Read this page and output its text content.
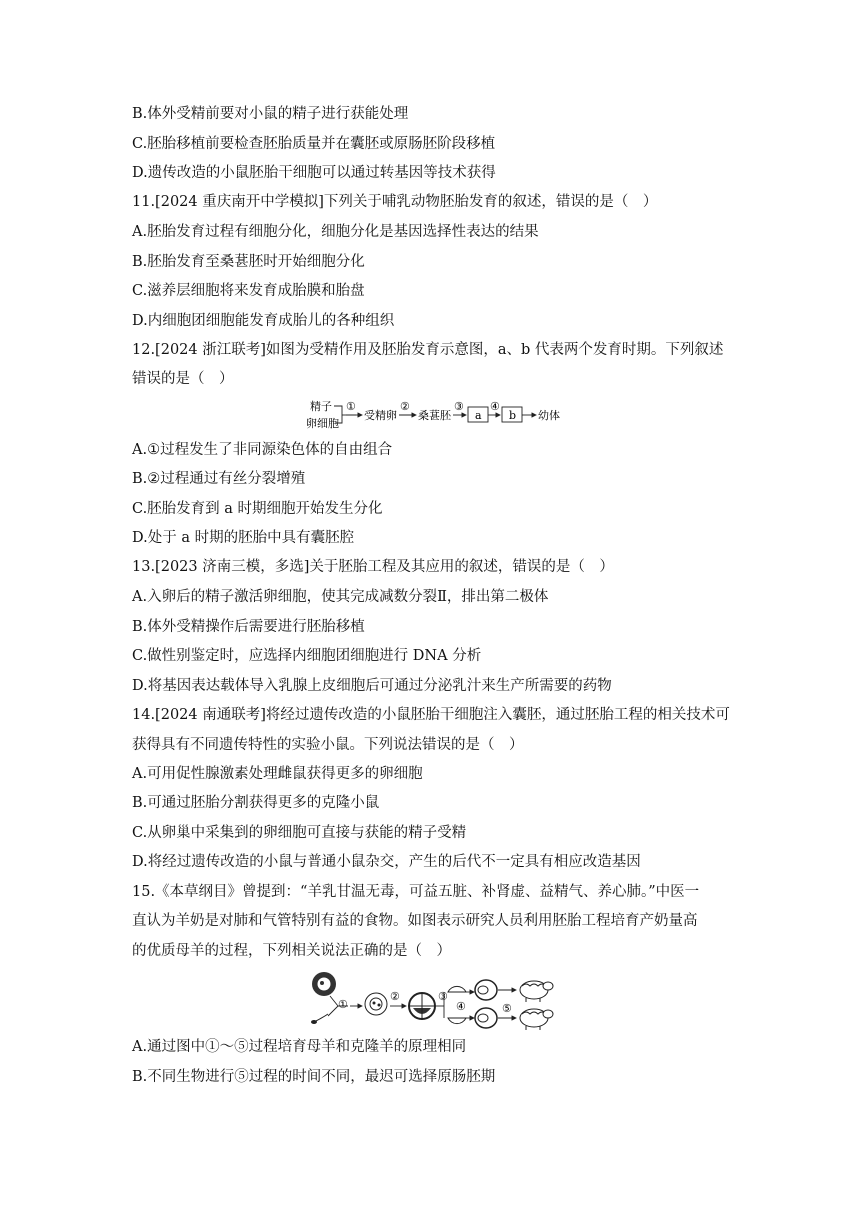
B.体外受精前要对小鼠的精子进行获能处理
C.胚胎移植前要检查胚胎质量并在囊胚或原肠胚阶段移植
D.遗传改造的小鼠胚胎干细胞可以通过转基因等技术获得
11.[2024 重庆南开中学模拟]下列关于哺乳动物胚胎发育的叙述，错误的是（　）
A.胚胎发育过程有细胞分化，细胞分化是基因选择性表达的结果
B.胚胎发育至桑葚胚时开始细胞分化
C.滋养层细胞将来发育成胎膜和胎盘
D.内细胞团细胞能发育成胎儿的各种组织
12.[2024 浙江联考]如图为受精作用及胚胎发育示意图，a、b 代表两个发育时期。下列叙述
错误的是（　）
精子
卵细胞
①
受精卵
②
桑葚胚
③
a
④
b 幼体
A.①过程发生了非同源染色体的自由组合
B.②过程通过有丝分裂增殖
C.胚胎发育到 a 时期细胞开始发生分化
D.处于 a 时期的胚胎中具有囊胚腔
13.[2023 济南三模，多选]关于胚胎工程及其应用的叙述，错误的是（　）
A.入卵后的精子激活卵细胞，使其完成减数分裂Ⅱ，排出第二极体
B.体外受精操作后需要进行胚胎移植
C.做性别鉴定时，应选择内细胞团细胞进行 DNA 分析
D.将基因表达载体导入乳腺上皮细胞后可通过分泌乳汁来生产所需要的药物
14.[2024 南通联考]将经过遗传改造的小鼠胚胎干细胞注入囊胚，通过胚胎工程的相关技术可
获得具有不同遗传特性的实验小鼠。下列说法错误的是（　）
A.可用促性腺激素处理雌鼠获得更多的卵细胞
B.可通过胚胎分割获得更多的克隆小鼠
C.从卵巢中采集到的卵细胞可直接与获能的精子受精
D.将经过遗传改造的小鼠与普通小鼠杂交，产生的后代不一定具有相应改造基因
15.《本草纲目》曾提到：“羊乳甘温无毒，可益五脏、补肾虚、益精气、养心肺。”中医一
直认为羊奶是对肺和气管特别有益的食物。如图表示研究人员利用胚胎工程培育产奶量高
的优质母羊的过程，下列相关说法正确的是（　）
①
②	③
④	⑤
A.通过图中①～⑤过程培育母羊和克隆羊的原理相同
B.不同生物进行⑤过程的时间不同，最迟可选择原肠胚期
